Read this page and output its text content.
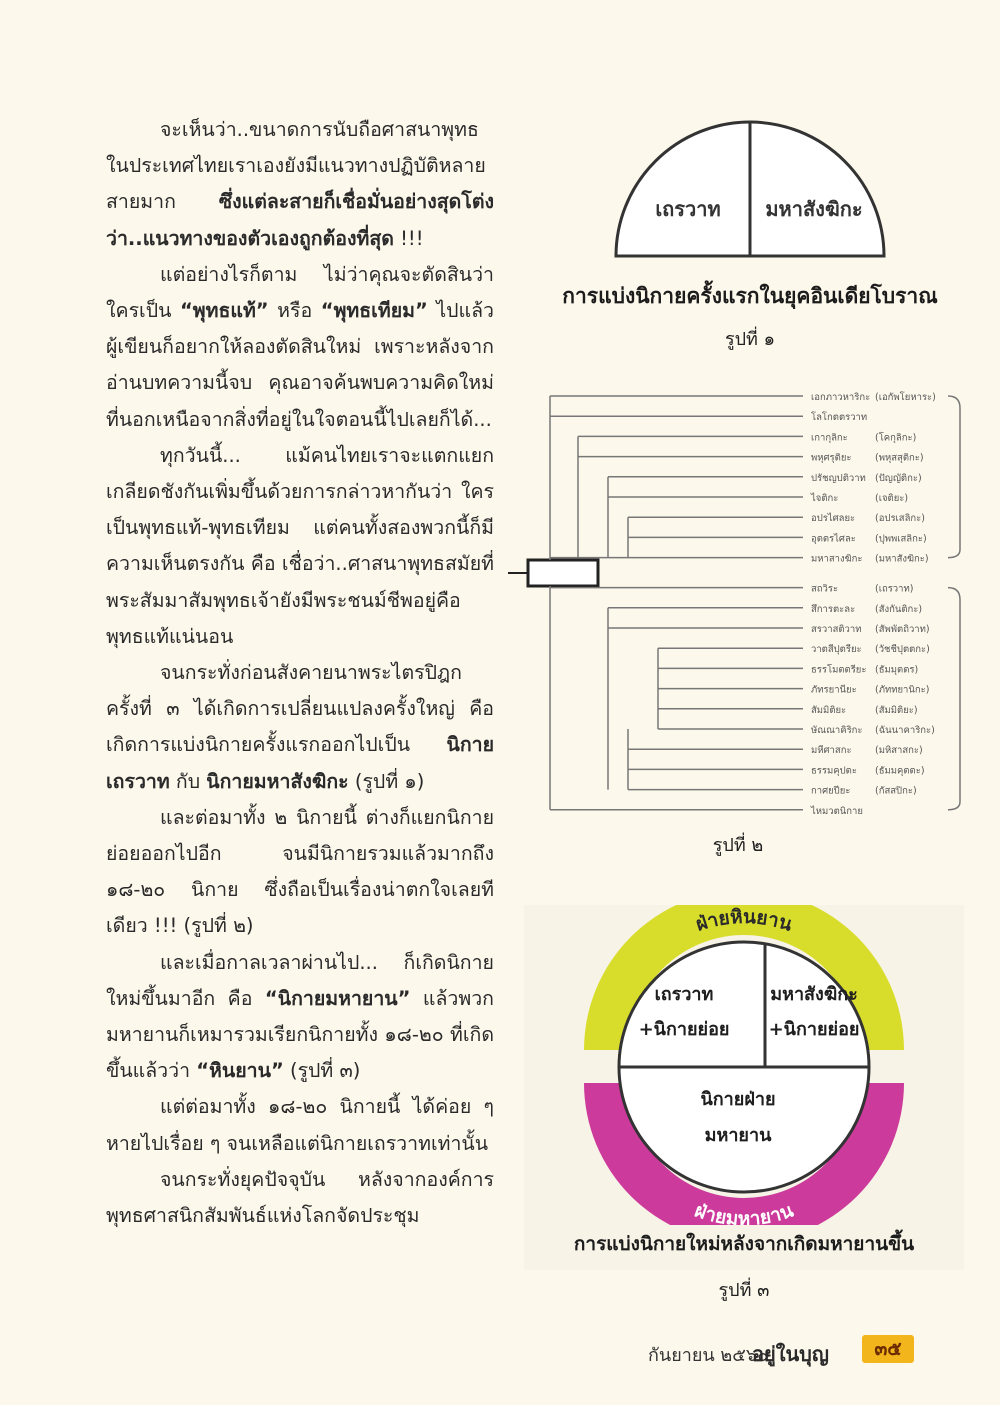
จะเห็นว่า..ขนาดการนับถือศาสนาพุทธในประเทศไทยเราเองยังมีแนวทางปฏิบัติหลายสายมาก ซึ่งแต่ละสายก็เชื่อมั่นอย่างสุดโต่งว่า..แนวทางของตัวเองถูกต้องที่สุด !!!

แต่อย่างไรก็ตาม ไม่ว่าคุณจะตัดสินว่าใครเป็น “พุทธแท้” หรือ “พุทธเทียม” ไปแล้ว ผู้เขียนก็อยากให้ลองตัดสินใหม่ เพราะหลังจากอ่านบทความนี้จบ คุณอาจค้นพบความคิดใหม่ที่นอกเหนือจากสิ่งที่อยู่ในใจตอนนี้ไปเลยก็ได้...

ทุกวันนี้... แม้คนไทยเราจะแตกแยกเกลียดชังกันเพิ่มขึ้นด้วยการกล่าวหากันว่า ใครเป็นพุทธแท้-พุทธเทียม แต่คนทั้งสองพวกนี้ก็มีความเห็นตรงกัน คือ เชื่อว่า..ศาสนาพุทธสมัยที่พระสัมมาสัมพุทธเจ้ายังมีพระชนม์ชีพอยู่คือพุทธแท้แน่นอน

จนกระทั่งก่อนสังคายนาพระไตรปิฎกครั้งที่ ๓ ได้เกิดการเปลี่ยนแปลงครั้งใหญ่ คือ เกิดการแบ่งนิกายครั้งแรกออกไปเป็น นิกายเถรวาท กับ นิกายมหาสังฆิกะ (รูปที่ ๑)

และต่อมาทั้ง ๒ นิกายนี้ ต่างก็แยกนิกายย่อยออกไปอีก จนมีนิกายรวมแล้วมากถึง ๑๘-๒๐ นิกาย ซึ่งถือเป็นเรื่องน่าตกใจเลยทีเดียว !!! (รูปที่ ๒)

และเมื่อกาลเวลาผ่านไป... ก็เกิดนิกายใหม่ขึ้นมาอีก คือ “นิกายมหายาน” แล้วพวกมหายานก็เหมารวมเรียกนิกายทั้ง ๑๘-๒๐ ที่เกิดขึ้นแล้วว่า “หินยาน” (รูปที่ ๓)

แต่ต่อมาทั้ง ๑๘-๒๐ นิกายนี้ ได้ค่อย ๆ หายไปเรื่อย ๆ จนเหลือแต่นิกายเถรวาทเท่านั้น

จนกระทั่งยุคปัจจุบัน หลังจากองค์การพุทธศาสนิกสัมพันธ์แห่งโลกจัดประชุม

เถรวาท มหาสังฆิกะ
การแบ่งนิกายครั้งแรกในยุคอินเดียโบราณ
รูปที่ ๑
เอกภาวหาริกะ (เอกัพโยหาระ)
โลโกตตรวาท
เกากุลิกะ	(โคกุลิกะ)
พหุศรุติยะ (พหุสสุติกะ)
ปรัชญปติวาท (ปัญญัติกะ)
ไจติกะ	(เจติยะ)
อปรไศลยะ (อปรเสลิกะ)
อุตตรไศละ (ปุพพเสลิกะ)
มหาสางฆิกะ (มหาสังฆิกะ)
สถวิระ	(เถรวาท)
สึการตะละ (สังกันติกะ)
สรวาสติวาท (สัพพัตถิวาท)
วาตสีปุตรียะ (วัชชีปุตตกะ)
ธรรโมตตรียะ (ธัมมุตตร)
ภัทรยานียะ (ภัททยานิกะ)
สัมมิติยะ	(สัมมิติยะ)
ษัณณาคิริกะ (ฉันนาคาริกะ)
มหีศาสกะ (มหิสาสกะ)
ธรรมคุปตะ (ธัมมคุตตะ)
กาศยปียะ	(กัสสปิกะ)
ไหมวตนิกาย
รูปที่ ๒
ฝ่ายหินยาน
ฝ่ายมหายาน
เถรวาท
+นิกายย่อย
มหาสังฆิกะ
+นิกายย่อย
นิกายฝ่าย
มหายาน
การแบ่งนิกายใหม่หลังจากเกิดมหายานขึ้น
รูปที่ ๓
กันยายน ๒๕๖๐
อยู่ในบุญ	๓๕
